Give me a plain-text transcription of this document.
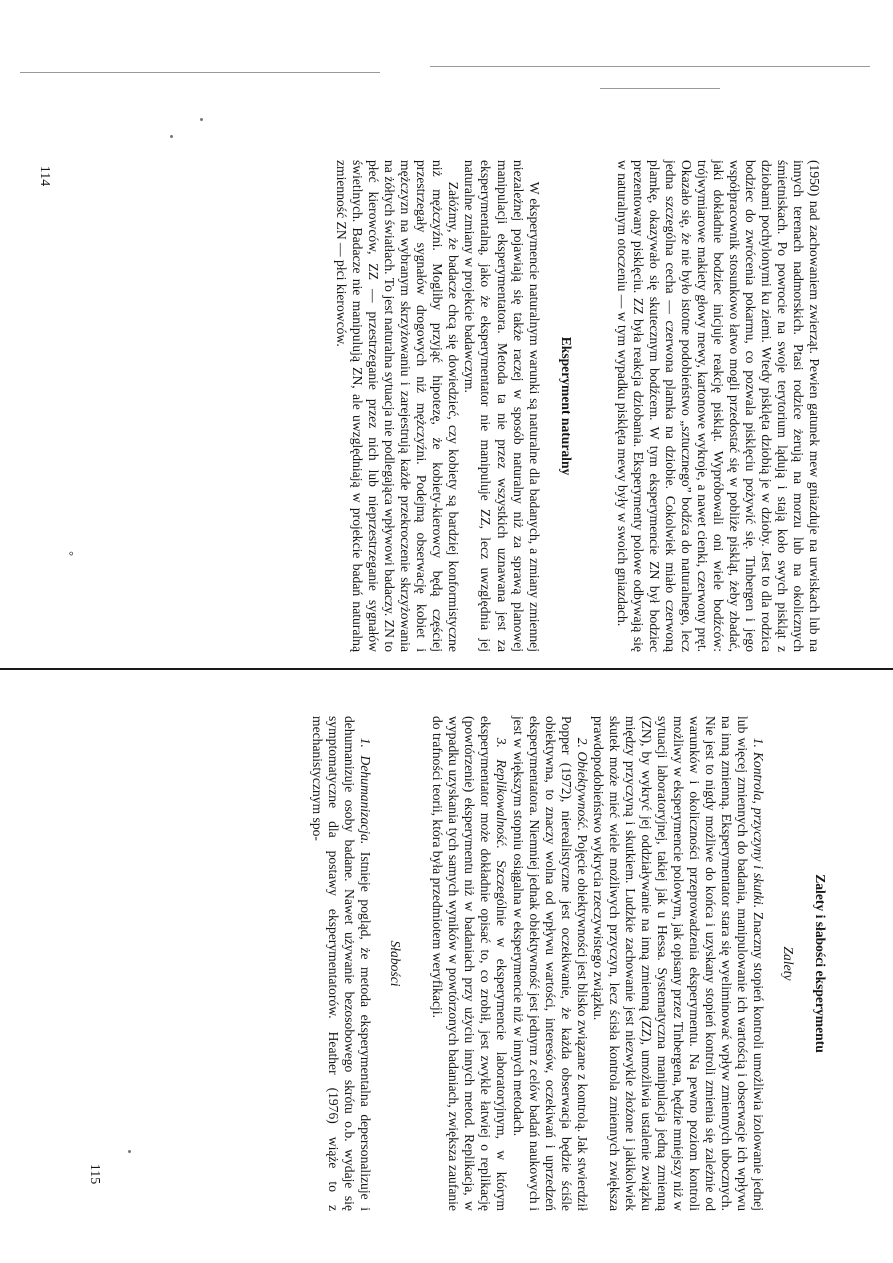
(1950) nad zachowaniem zwierząt. Pewien gatunek mew gniazduje na urwiskach lub na innych terenach nadmorskich. Ptasi rodzice żerują na morzu lub na okolicznych śmietniskach. Po powrocie na swoje terytorium lądują i stają koło swych piskląt z dziobami pochylonymi ku ziemi. Wtedy pisklęta dziobią je w dzioby. Jest to dla rodzica bodziec do zwrócenia pokarmu, co pozwala pisklęciu pożywić się. Tinbergen i jego współpracownik stosunkowo łatwo mogli przedostać się w pobliże piskląt, żeby zbadać, jaki dokładnie bodziec inicjuje reakcję piskląt. Wypróbowali oni wiele bodźców: trójwymiarowe makiety głowy mewy, kartonowe wykroje, a nawet cienki, czerwony pręt. Okazało się, że nie było istotne podobieństwo „sztucznego” bodźca do naturalnego, lecz jedna szczególna cecha — czerwona plamka na dziobie. Cokolwiek miało czerwoną plamkę, okazywało się skutecznym bodźcem. W tym eksperymencie ZN był bodziec prezentowany pisklęciu. ZZ była reakcja dziobania. Eksperymenty polowe odbywają się w naturalnym otoczeniu — w tym wypadku pisklęta mewy były w swoich gniazdach.

Eksperyment naturalny

W eksperymencie naturalnym warunki są naturalne dla badanych, a zmiany zmiennej niezależnej pojawiają się także raczej w sposób naturalny niż za sprawą planowej manipulacji eksperymentatora. Metoda ta nie przez wszystkich uznawana jest za eksperymentalną, jako że eksperymentator nie manipuluje ZZ, lecz uwzględnia jej naturalne zmiany w projekcie badawczym.

Załóżmy, że badacze chcą się dowiedzieć, czy kobiety są bardziej konformistyczne niż mężczyźni. Mogliby przyjąć hipotezę, że kobiety-kierowcy będą częściej przestrzegały sygnałów drogowych niż mężczyźni. Podejmą obserwację kobiet i mężczyzn na wybranym skrzyżowaniu i zarejestrują każde przekroczenie skrzyżowania na żółtych światłach. To jest naturalna sytuacja nie podlegająca wpływowi badaczy. ZN to płeć kierowców, ZZ — przestrzeganie przez nich lub nieprzestrzeganie sygnałów świetlnych. Badacze nie manipulują ZN, ale uwzględniają w projekcie badań naturalną zmienność ZN — płci kierowców.

114
°
Zalety i słabości eksperymentu
Zalety

1. Kontrola, przyczyny i skutki. Znaczny stopień kontroli umożliwia izolowanie jednej lub więcej zmiennych do badania, manipulowanie ich wartością i obserwacje ich wpływu na inną zmienną. Eksperymentator stara się wyeliminować wpływ zmiennych ubocznych. Nie jest to nigdy możliwe do końca i uzyskany stopień kontroli zmienia się zależnie od warunków i okoliczności przeprowadzenia eksperymentu. Na pewno poziom kontroli możliwy w eksperymencie polowym, jak opisany przez Tinbergena, będzie mniejszy niż w sytuacji laboratoryjnej, takiej jak u Hessa. Systematyczna manipulacja jedną zmienną (ZN), by wykryć jej oddziaływanie na inną zmienną (ZZ), umożliwia ustalenie związku między przyczyną i skutkiem. Ludzkie zachowanie jest niezwykle złożone i jakikolwiek skutek może mieć wiele możliwych przyczyn, lecz ścisła kontrola zmiennych zwiększa prawdopodobieństwo wykrycia rzeczywistego związku.

2. Obiektywność. Pojęcie obiektywności jest blisko związane z kontrolą. Jak stwierdził Popper (1972), nierealistyczne jest oczekiwanie, że każda obserwacja będzie ściśle obiektywna, to znaczy wolna od wpływu wartości, interesów, oczekiwań i uprzedzeń eksperymentatora. Niemniej jednak obiektywność jest jednym z celów badań naukowych i jest w większym stopniu osiągalna w eksperymencie niż w innych metodach.

3. Replikowalność. Szczególnie w eksperymencie laboratoryjnym, w którym eksperymentator może dokładnie opisać to, co zrobił, jest zwykle łatwiej o replikację (powtórzenie) eksperymentu niż w badaniach przy użyciu innych metod. Replikacja, w wypadku uzyskania tych samych wyników w powtórzonych badaniach, zwiększa zaufanie do trafności teorii, która była przedmiotem weryfikacji.

Słabości

1. Dehumanizacja. Istnieje pogląd, że metoda eksperymentalna depersonalizuje i dehumanizuje osoby badane. Nawet używanie bezosobowego skrótu o.b. wydaje się symptomatyczne dla postawy eksperymentatorów. Heather (1976) wiąże to z mechanistycznym spo-

115
